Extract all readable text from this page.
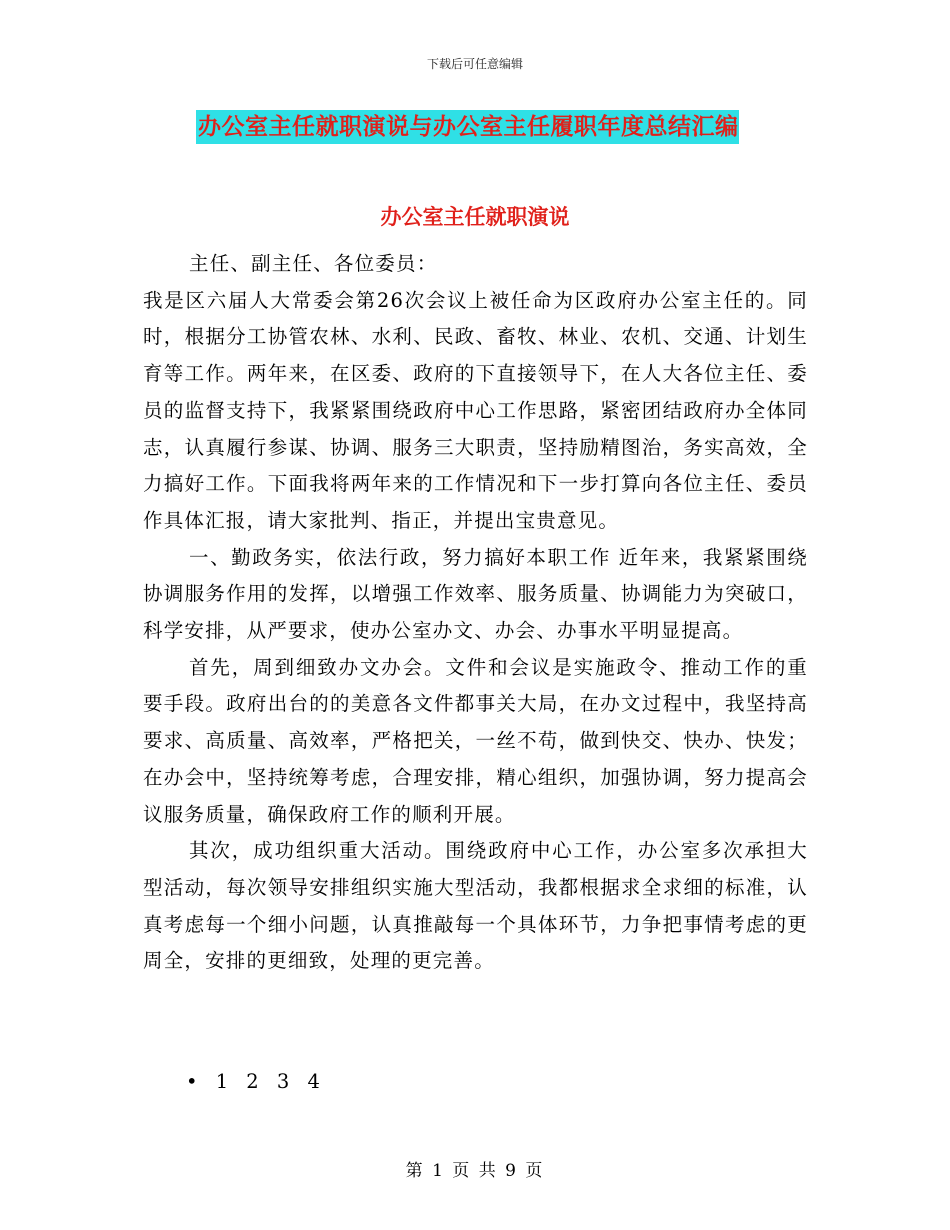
下载后可任意编辑
办公室主任就职演说与办公室主任履职年度总结汇编
办公室主任就职演说

主任、副主任、各位委员：

我是区六届人大常委会第26次会议上被任命为区政府办公室主任的。同时，根据分工协管农林、水利、民政、畜牧、林业、农机、交通、计划生育等工作。两年来，在区委、政府的下直接领导下，在人大各位主任、委员的监督支持下，我紧紧围绕政府中心工作思路，紧密团结政府办全体同志，认真履行参谋、协调、服务三大职责，坚持励精图治，务实高效，全力搞好工作。下面我将两年来的工作情况和下一步打算向各位主任、委员作具体汇报，请大家批判、指正，并提出宝贵意见。

一、勤政务实，依法行政，努力搞好本职工作 近年来，我紧紧围绕协调服务作用的发挥，以增强工作效率、服务质量、协调能力为突破口，科学安排，从严要求，使办公室办文、办会、办事水平明显提高。

首先，周到细致办文办会。文件和会议是实施政令、推动工作的重要手段。政府出台的的美意各文件都事关大局，在办文过程中，我坚持高要求、高质量、高效率，严格把关，一丝不苟，做到快交、快办、快发；在办会中，坚持统筹考虑，合理安排，精心组织，加强协调，努力提高会议服务质量，确保政府工作的顺利开展。

其次，成功组织重大活动。围绕政府中心工作，办公室多次承担大型活动，每次领导安排组织实施大型活动，我都根据求全求细的标准，认真考虑每一个细小问题，认真推敲每一个具体环节，力争把事情考虑的更周全，安排的更细致，处理的更完善。

• 1 2 3 4
第 1 页 共 9 页
